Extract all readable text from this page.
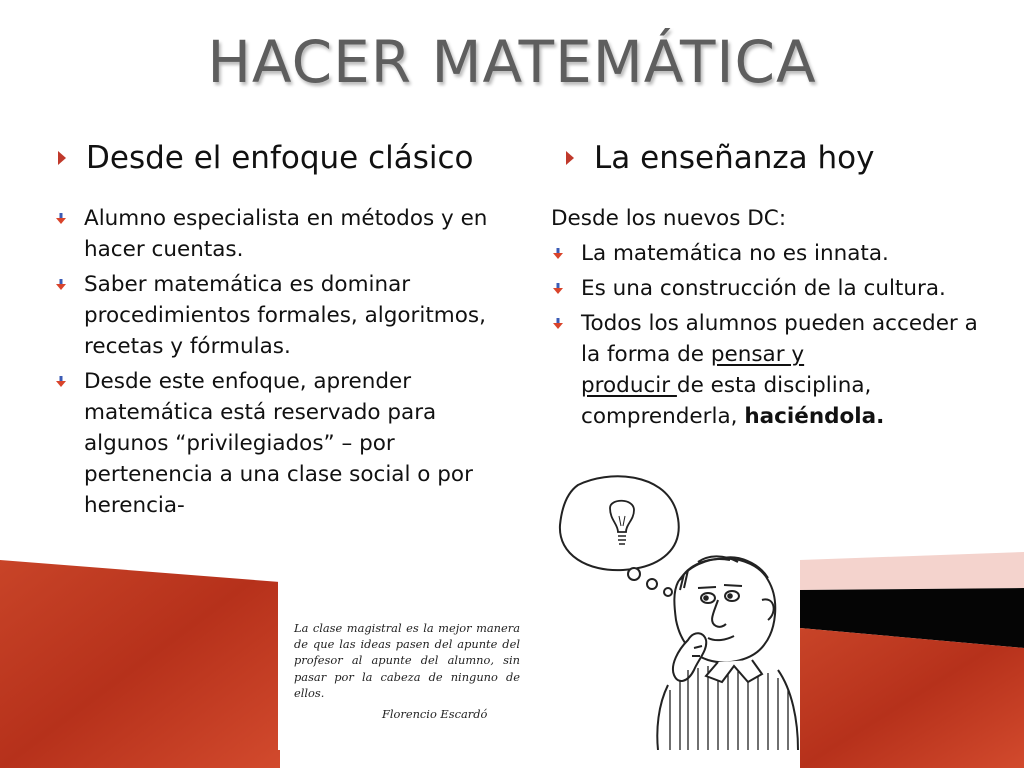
HACER MATEMÁTICA
Desde el enfoque clásico	La enseñanza hoy
Alumno especialista en métodos y en hacer cuentas.
Saber matemática es dominar procedimientos formales, algoritmos, recetas y fórmulas.
Desde este enfoque, aprender matemática está reservado para algunos “privilegiados” – por pertenencia a una clase social o por herencia-
Desde los nuevos DC:
La matemática no es innata.
Es una construcción de la cultura.
Todos los alumnos pueden acceder a la forma de pensar y
producir de esta disciplina, comprenderla, haciéndola.
La clase magistral es la mejor manera de que las ideas pasen del apunte del profesor al apunte del alumno, sin pasar por la cabeza de ninguno de ellos.
Florencio Escardó
